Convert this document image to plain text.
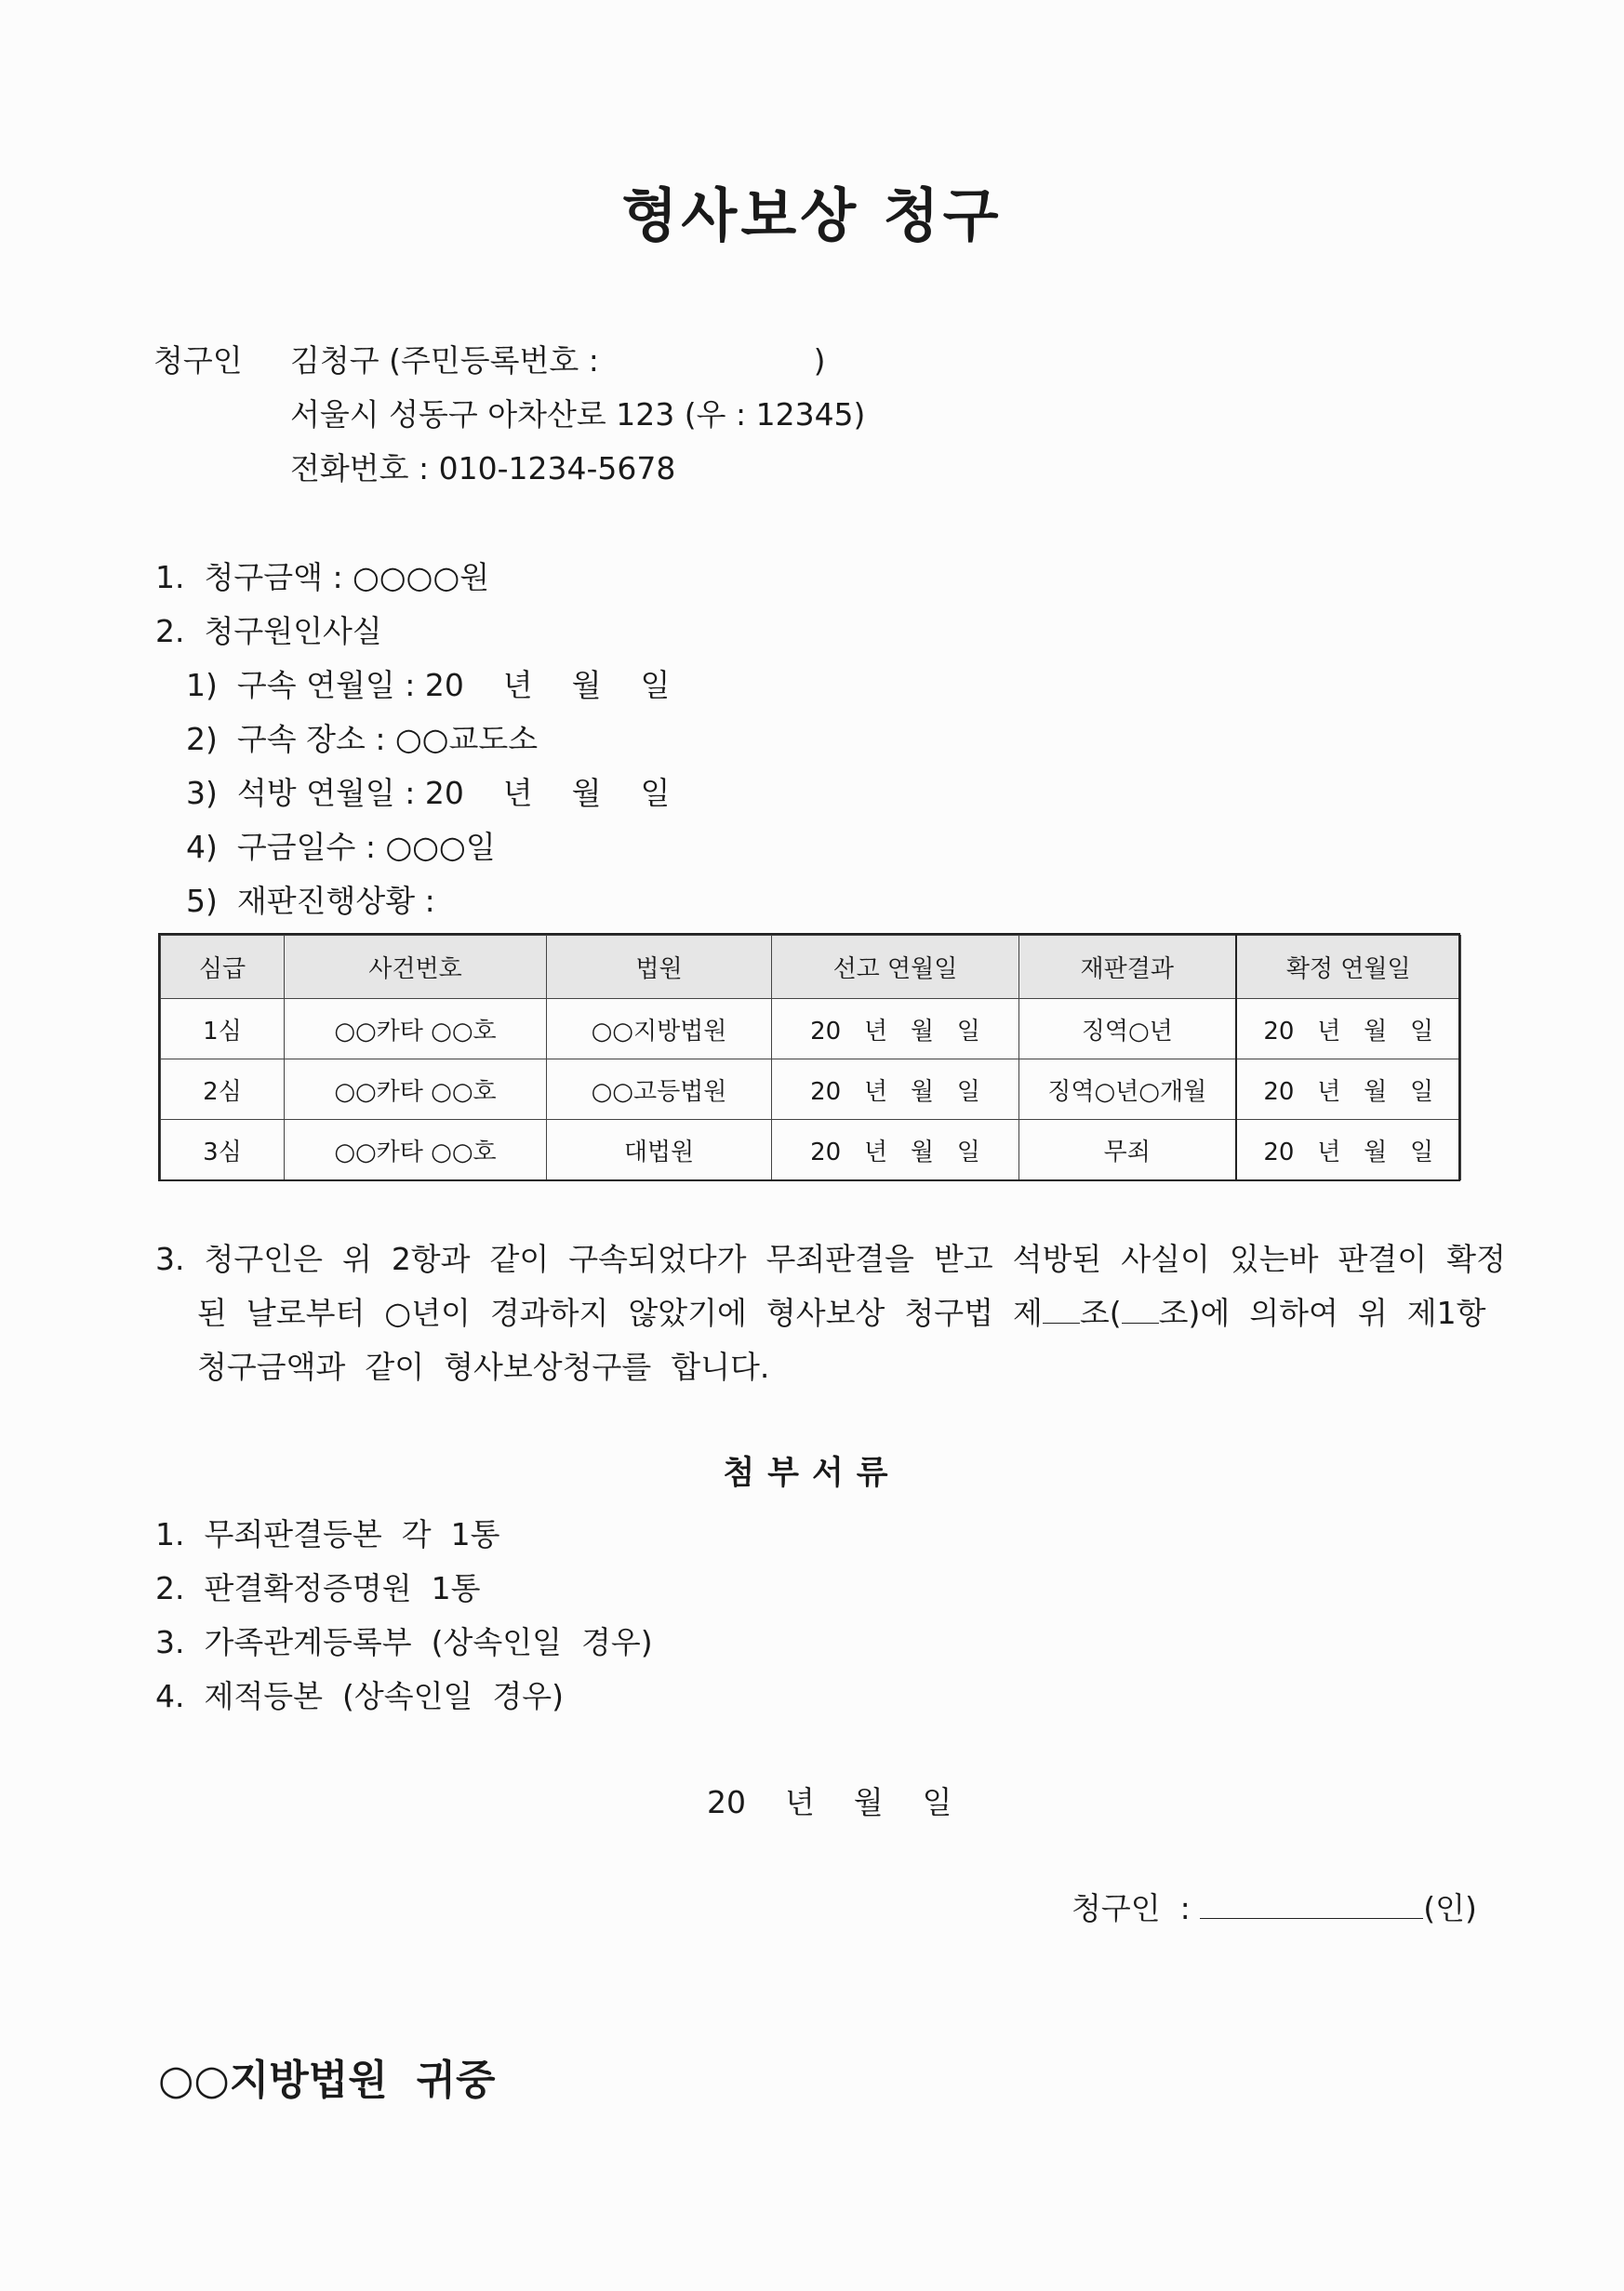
형사보상 청구
청구인 김청구 (주민등록번호 :                      )
서울시 성동구 아차산로 123 (우 : 12345)
전화번호 : 010-1234-5678
1.  청구금액 : ○○○○원
2.  청구원인사실
1)  구속 연월일 : 20    년    월    일
2)  구속 장소 : ○○교도소
3)  석방 연월일 : 20    년    월    일
4)  구금일수 : ○○○일
5)  재판진행상황 :
심급	사건번호	법원	선고 연월일	재판결과	확정 연월일
1심	○○카타 ○○호	○○지방법원	20   년   월   일	징역○년	20   년   월   일
2심	○○카타 ○○호	○○고등법원	20   년   월   일	징역○년○개월	20   년   월   일
3심	○○카타 ○○호	대법원	20   년   월   일	무죄	20   년   월   일
3.  청구인은  위  2항과  같이  구속되었다가  무죄판결을  받고  석방된  사실이  있는바  판결이  확정
된  날로부터  ○년이  경과하지  않았기에  형사보상  청구법  제 조( 조)에  의하여  위  제1항
청구금액과  같이  형사보상청구를  합니다.
첨부서류
1.  무죄판결등본  각  1통
2.  판결확정증명원  1통
3.  가족관계등록부  (상속인일  경우)
4.  제적등본  (상속인일  경우)
20    년    월    일
청구인  :	(인)
○○지방법원  귀중
